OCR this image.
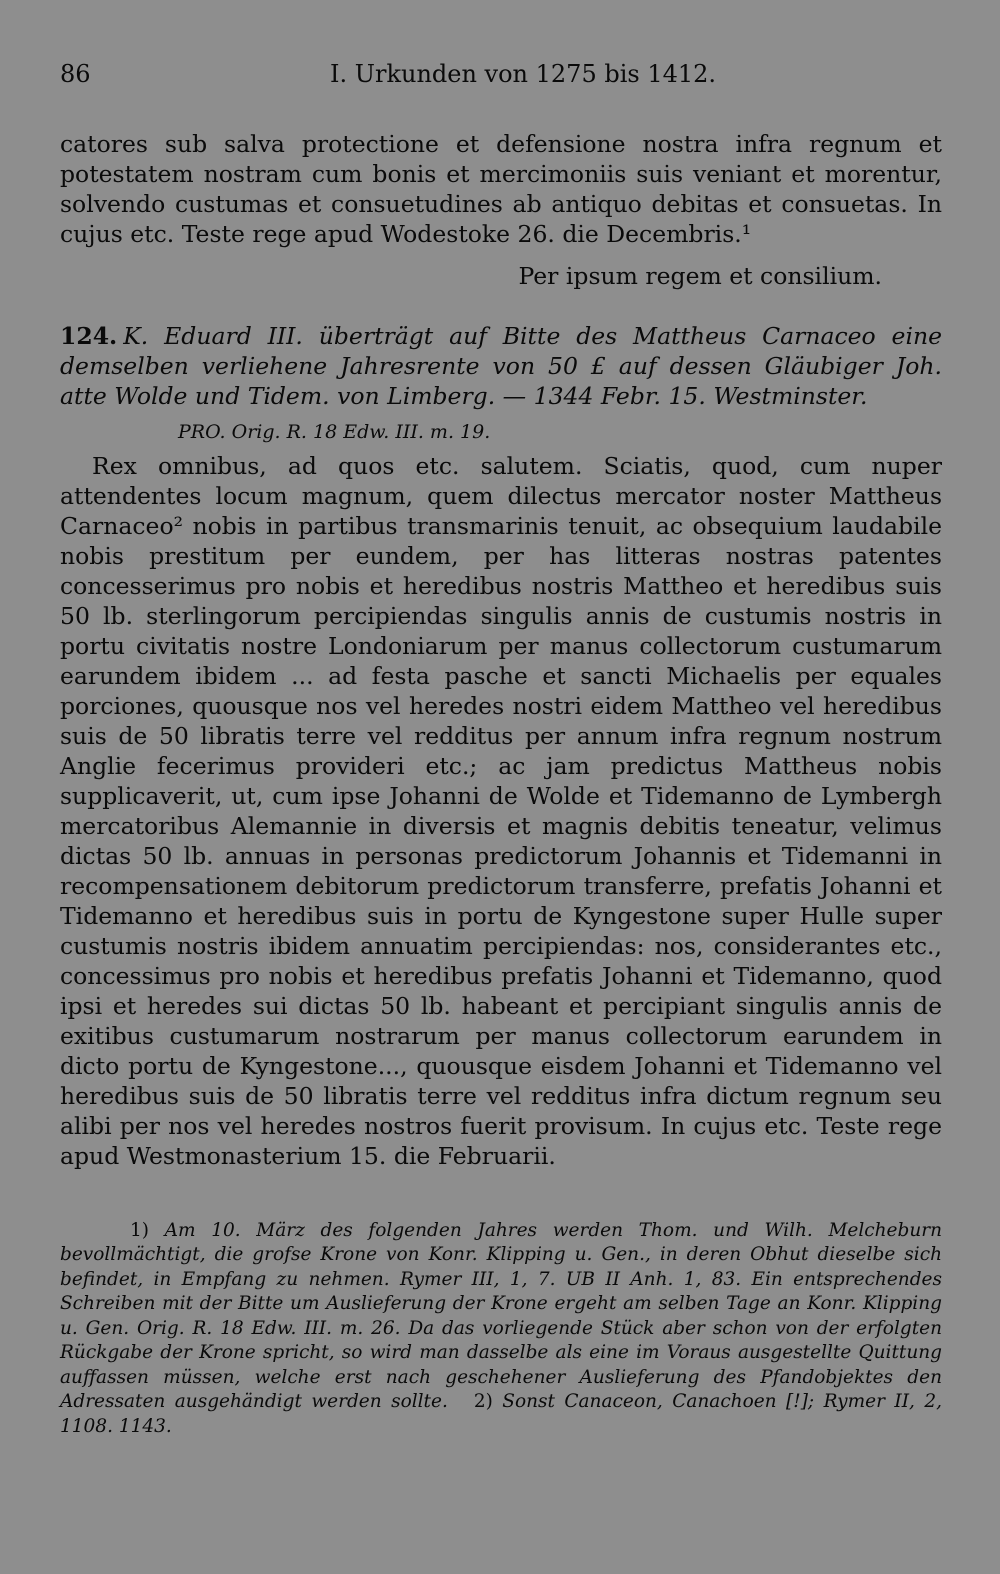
86	I. Urkunden von 1275 bis 1412.

catores sub salva protectione et defensione nostra infra regnum et potestatem nostram cum bonis et mercimoniis suis veniant et morentur, solvendo custumas et consuetudines ab antiquo debitas et consuetas. In cujus etc. Teste rege apud Wodestoke 26. die Decembris.¹

Per ipsum regem et consilium.
124. K. Eduard III. überträgt auf Bitte des Mattheus Carnaceo eine demselben verliehene Jahresrente von 50 £ auf dessen Gläubiger Joh. atte Wolde und Tidem. von Limberg. — 1344 Febr. 15. Westminster.
PRO. Orig. R. 18 Edw. III. m. 19.

Rex omnibus, ad quos etc. salutem. Sciatis, quod, cum nuper attendentes locum magnum, quem dilectus mercator noster Mattheus Carnaceo² nobis in partibus transmarinis tenuit, ac obsequium laudabile nobis prestitum per eundem, per has litteras nostras patentes concesserimus pro nobis et heredibus nostris Mattheo et heredibus suis 50 lb. sterlingorum percipiendas singulis annis de custumis nostris in portu civitatis nostre Londoniarum per manus collectorum custumarum earundem ibidem ... ad festa pasche et sancti Michaelis per equales porciones, quousque nos vel heredes nostri eidem Mattheo vel heredibus suis de 50 libratis terre vel redditus per annum infra regnum nostrum Anglie fecerimus provideri etc.; ac jam predictus Mattheus nobis supplicaverit, ut, cum ipse Johanni de Wolde et Tidemanno de Lymbergh mercatoribus Alemannie in diversis et magnis debitis teneatur, velimus dictas 50 lb. annuas in personas predictorum Johannis et Tidemanni in recompensationem debitorum predictorum transferre, prefatis Johanni et Tidemanno et heredibus suis in portu de Kyngestone super Hulle super custumis nostris ibidem annuatim percipiendas: nos, considerantes etc., concessimus pro nobis et heredibus prefatis Johanni et Tidemanno, quod ipsi et heredes sui dictas 50 lb. habeant et percipiant singulis annis de exitibus custumarum nostrarum per manus collectorum earundem in dicto portu de Kyngestone..., quousque eisdem Johanni et Tidemanno vel heredibus suis de 50 libratis terre vel redditus infra dictum regnum seu alibi per nos vel heredes nostros fuerit provisum. In cujus etc. Teste rege apud Westmonasterium 15. die Februarii.

1) Am 10. März des folgenden Jahres werden Thom. und Wilh. Melcheburn bevollmächtigt, die grofse Krone von Konr. Klipping u. Gen., in deren Obhut dieselbe sich befindet, in Empfang zu nehmen. Rymer III, 1, 7. UB II Anh. 1, 83. Ein entsprechendes Schreiben mit der Bitte um Auslieferung der Krone ergeht am selben Tage an Konr. Klipping u. Gen. Orig. R. 18 Edw. III. m. 26. Da das vorliegende Stück aber schon von der erfolgten Rückgabe der Krone spricht, so wird man dasselbe als eine im Voraus ausgestellte Quittung auffassen müssen, welche erst nach geschehener Auslieferung des Pfandobjektes den Adressaten ausgehändigt werden sollte. 2) Sonst Canaceon, Canachoen [!]; Rymer II, 2, 1108. 1143.
